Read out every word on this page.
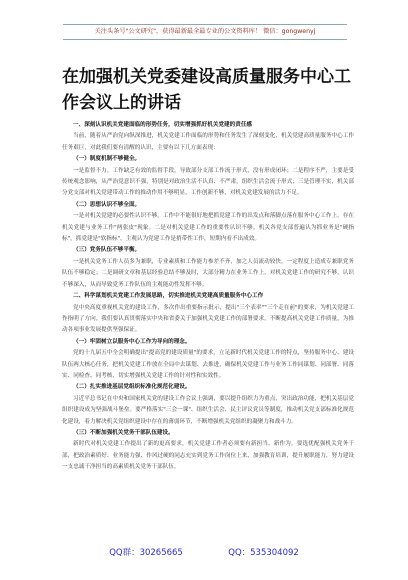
关注头条号"公文研究"，获得最新最全最专业的公文资料库！ 微信：gongwenyj
在加强机关党委建设高质量服务中心工作会议上的讲话

一、深刻认识机关党建面临的形势任务，切实增强抓好机关党建的责任感

当前，随着从严治党向纵深推进，机关党建工作面临的形势和任务发生了深刻变化，机关党建高质量服务中心工作任务艰巨，对此我们要有清醒的认识，主要有以下几方面表现：

（一）制度机制不够健全。

一是监督不力。工作缺乏有效的监督手段，导致部分支部工作流于形式，没有形成闭环；二是程序不严，主要是受传统观念影响，从严治党意识不强，特别是对政治生活不认真、不严肃，组织生活会流于形式；三是管理不实，机关部分党支部对机关党建带动工作的推动作用不够明显，工作创新不够，对机关党建发展的活力不足。

（二）思想认识不够全面。

一是对机关党建的必要性认识不够。工作中不能很好地把抓党建工作的出发点和落脚点落在服务中心工作上，存在机关党建与业务工作"两张皮"现象。二是对机关党建工作的重要性认识不够。机关各党支部普遍认为抓业务是"硬指标"，抓党建是"软指标"，主观认为党建工作是捎带性工作，短期内看不出成效。

（三）党务队伍不够平衡。

一是机关党务工作人员多为兼职，专业素质和工作能力参差不齐，加之人员流动较快，一定程度上造成专兼职党务队伍不够稳定；二是调研文章和基层经验总结不够及时，大部分精力在业务工作上，对机关党建工作的研究不够，认识不够深入，从而导致党务工作队伍的主观能动性发挥不够。

二、科学谋划机关党建工作发展思路，切实推进机关党建高质量服务中心工作

党中央高度重视机关党的建设工作，多次作出重要指示批示，提出"三个表率""三个走在前"的要求，为机关党建工作指明了方向。我们要认真贯彻落实中央和省委关于加强机关党建工作的部署要求，不断提高机关党建工作质量，为推动各项事业发展提供坚强保证。

（一）牢固树立以服务中心工作为导向的理念。

党的十九届五中全会明确提出"提高党的建设质量"的要求，立足新时代机关党建工作的特点，坚持服务中心、建设队伍两大核心任务，把机关党建工作放在全局中去谋划、去推进，确保机关党建工作与业务工作同谋划、同部署、同落实、同检查、同考核，切实增强机关党建工作的针对性和实效性。

（二）扎实推进基层党组织标准化规范化建设。

习近平总书记在中央和国家机关党的建设工作会议上强调，要以提升组织力为重点，突出政治功能，把机关基层党组织建设成为坚强战斗堡垒。要严格落实"三会一课"、组织生活会、民主评议党员等制度，推动机关党支部标准化规范化建设，着力解决机关党组织建设中存在的薄弱环节，不断增强机关党组织的凝聚力和战斗力。

（三）不断加强机关党务干部队伍建设。

新时代对机关党建工作提出了新的更高要求，机关党建工作者必须要有新担当、新作为。要选优配强机关党务干部，把政治素质好、业务能力强、作风过硬的同志充实到党务工作岗位上来，加强教育培训，提升履职能力，努力建设一支忠诚干净担当的高素质机关党务干部队伍。

QQ群：30265665	QQ：535304092
